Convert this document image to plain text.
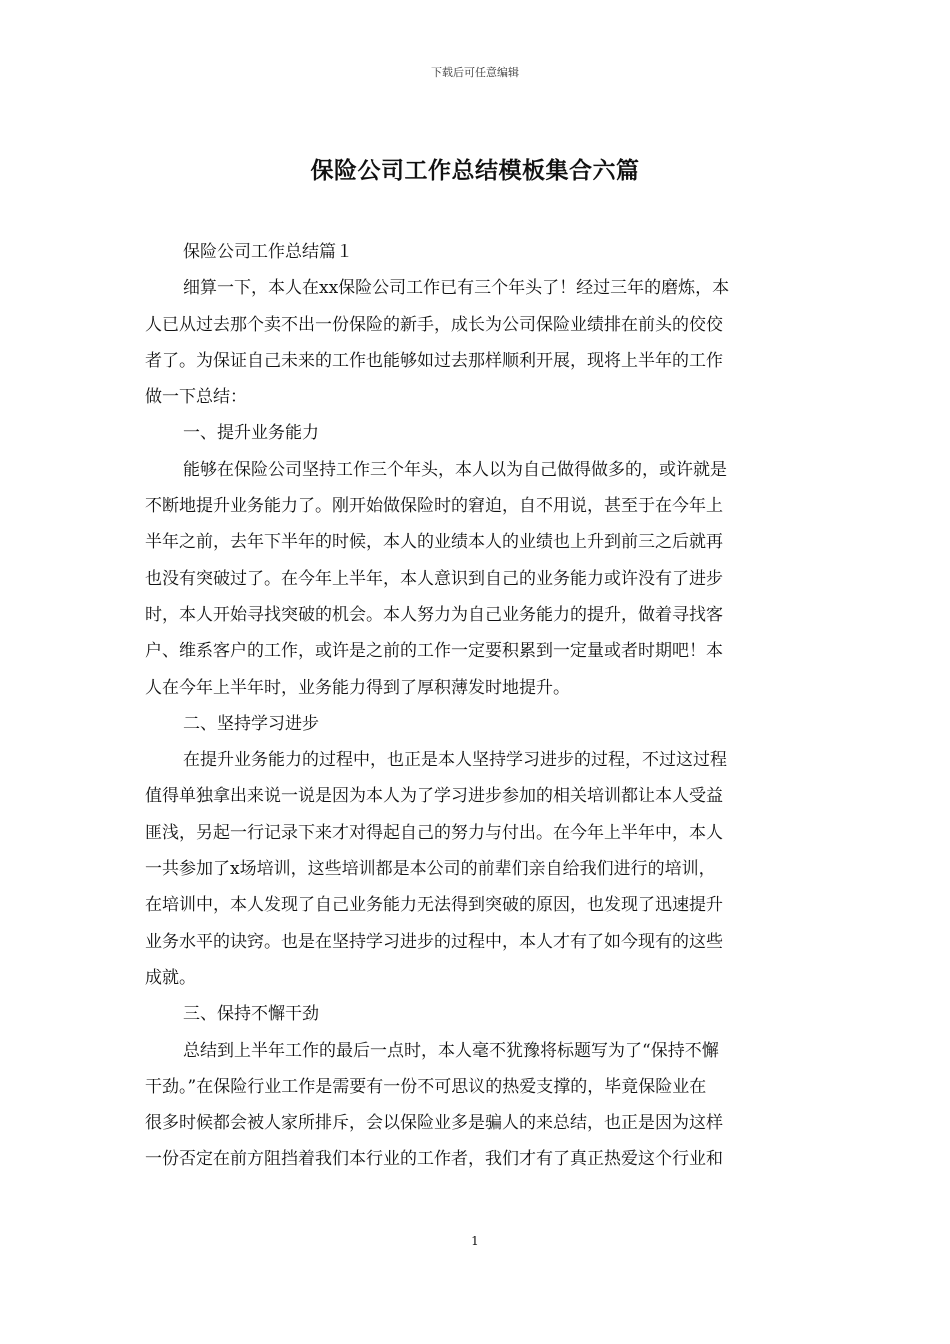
下载后可任意编辑
保险公司工作总结模板集合六篇
保险公司工作总结篇１
细算一下，本人在xx保险公司工作已有三个年头了！经过三年的磨炼，本
人已从过去那个卖不出一份保险的新手，成长为公司保险业绩排在前头的佼佼
者了。为保证自己未来的工作也能够如过去那样顺利开展，现将上半年的工作
做一下总结：
一、提升业务能力
能够在保险公司坚持工作三个年头，本人以为自己做得做多的，或许就是
不断地提升业务能力了。刚开始做保险时的窘迫，自不用说，甚至于在今年上
半年之前，去年下半年的时候，本人的业绩本人的业绩也上升到前三之后就再
也没有突破过了。在今年上半年，本人意识到自己的业务能力或许没有了进步
时，本人开始寻找突破的机会。本人努力为自己业务能力的提升，做着寻找客
户、维系客户的工作，或许是之前的工作一定要积累到一定量或者时期吧！本
人在今年上半年时，业务能力得到了厚积薄发时地提升。
二、坚持学习进步
在提升业务能力的过程中，也正是本人坚持学习进步的过程，不过这过程
值得单独拿出来说一说是因为本人为了学习进步参加的相关培训都让本人受益
匪浅，另起一行记录下来才对得起自己的努力与付出。在今年上半年中，本人
一共参加了x场培训，这些培训都是本公司的前辈们亲自给我们进行的培训，
在培训中，本人发现了自己业务能力无法得到突破的原因，也发现了迅速提升
业务水平的诀窍。也是在坚持学习进步的过程中，本人才有了如今现有的这些
成就。
三、保持不懈干劲
总结到上半年工作的最后一点时，本人毫不犹豫将标题写为了“保持不懈
干劲。”在保险行业工作是需要有一份不可思议的热爱支撑的，毕竟保险业在
很多时候都会被人家所排斥，会以保险业多是骗人的来总结，也正是因为这样
一份否定在前方阻挡着我们本行业的工作者，我们才有了真正热爱这个行业和
1
